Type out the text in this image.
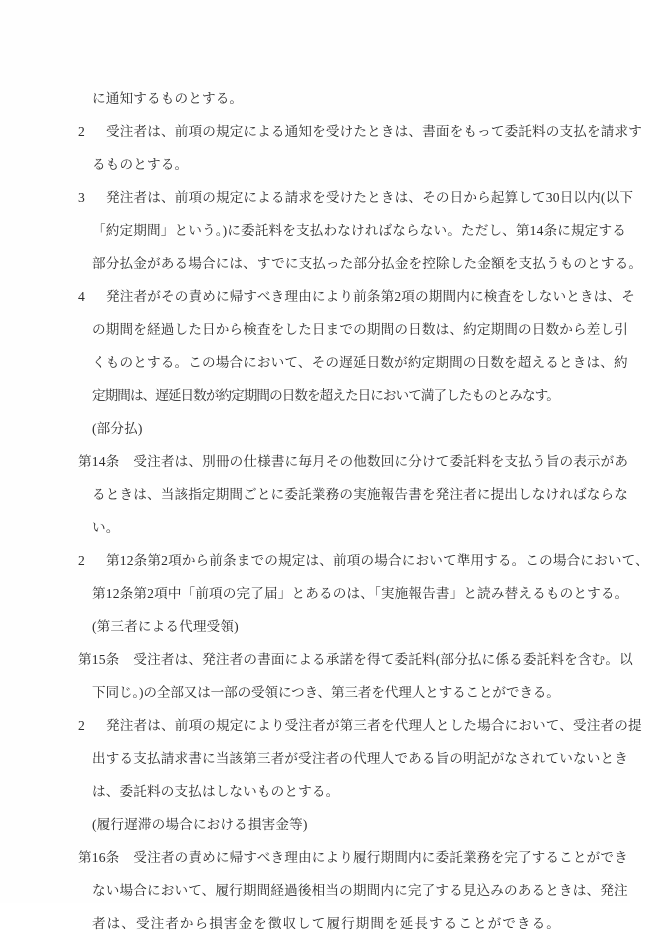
に通知するものとする。
2	受注者は、前項の規定による通知を受けたときは、書面をもって委託料の支払を請求す
るものとする。
3	発注者は、前項の規定による請求を受けたときは、その日から起算して30日以内(以下
「約定期間」という。)に委託料を支払わなければならない。ただし、第14条に規定する
部分払金がある場合には、すでに支払った部分払金を控除した金額を支払うものとする。
4	発注者がその責めに帰すべき理由により前条第2項の期間内に検査をしないときは、そ
の期間を経過した日から検査をした日までの期間の日数は、約定期間の日数から差し引
くものとする。この場合において、その遅延日数が約定期間の日数を超えるときは、約
定期間は、遅延日数が約定期間の日数を超えた日において満了したものとみなす。
(部分払)
第14条 受注者は、別冊の仕様書に毎月その他数回に分けて委託料を支払う旨の表示があ
るときは、当該指定期間ごとに委託業務の実施報告書を発注者に提出しなければならな
い。
2	第12条第2項から前条までの規定は、前項の場合において準用する。この場合において、
第12条第2項中「前項の完了届」とあるのは、「実施報告書」と読み替えるものとする。
(第三者による代理受領)
第15条 受注者は、発注者の書面による承諾を得て委託料(部分払に係る委託料を含む。以
下同じ。)の全部又は一部の受領につき、第三者を代理人とすることができる。
2	発注者は、前項の規定により受注者が第三者を代理人とした場合において、受注者の提
出する支払請求書に当該第三者が受注者の代理人である旨の明記がなされていないとき
は、委託料の支払はしないものとする。
(履行遅滞の場合における損害金等)
第16条 受注者の責めに帰すべき理由により履行期間内に委託業務を完了することができ
ない場合において、履行期間経過後相当の期間内に完了する見込みのあるときは、発注
者は、受注者から損害金を徴収して履行期間を延長することができる。
